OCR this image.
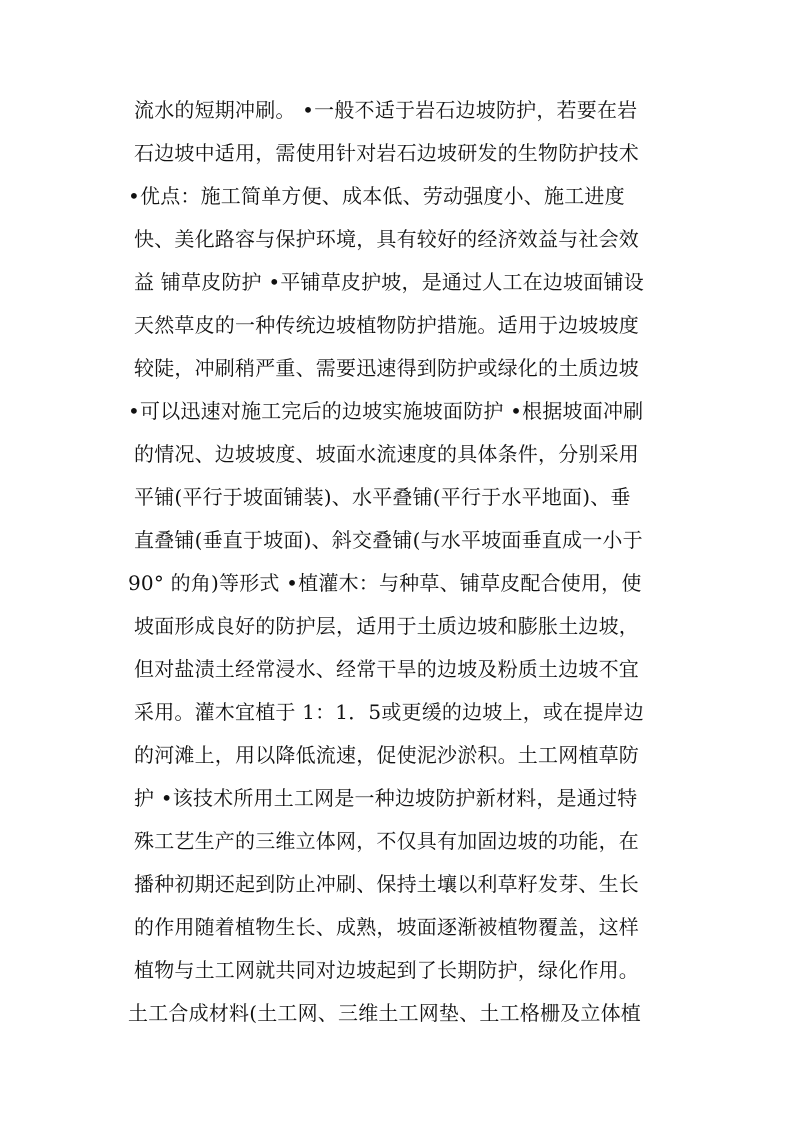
流水的短期冲刷。 •一般不适于岩石边坡防护，若要在岩
石边坡中适用，需使用针对岩石边坡研发的生物防护技术
•优点：施工简单方便、成本低、劳动强度小、施工进度
快、美化路容与保护环境，具有较好的经济效益与社会效
益 铺草皮防护 •平铺草皮护坡，是通过人工在边坡面铺设
天然草皮的一种传统边坡植物防护措施。适用于边坡坡度
较陡，冲刷稍严重、需要迅速得到防护或绿化的土质边坡
•可以迅速对施工完后的边坡实施坡面防护 •根据坡面冲刷
的情况、边坡坡度、坡面水流速度的具体条件，分别采用
平铺(平行于坡面铺装)、水平叠铺(平行于水平地面)、垂
直叠铺(垂直于坡面)、斜交叠铺(与水平坡面垂直成一小于
90° 的角)等形式 •植灌木：与种草、铺草皮配合使用，使
坡面形成良好的防护层，适用于土质边坡和膨胀土边坡，
但对盐渍土经常浸水、经常干旱的边坡及粉质土边坡不宜
采用。灌木宜植于 1：1．5或更缓的边坡上，或在提岸边
的河滩上，用以降低流速，促使泥沙淤积。土工网植草防
护 •该技术所用土工网是一种边坡防护新材料，是通过特
殊工艺生产的三维立体网，不仅具有加固边坡的功能，在
播种初期还起到防止冲刷、保持土壤以利草籽发芽、生长
的作用随着植物生长、成熟，坡面逐渐被植物覆盖，这样
植物与土工网就共同对边坡起到了长期防护，绿化作用。
土工合成材料(土工网、三维土工网垫、土工格栅及立体植
